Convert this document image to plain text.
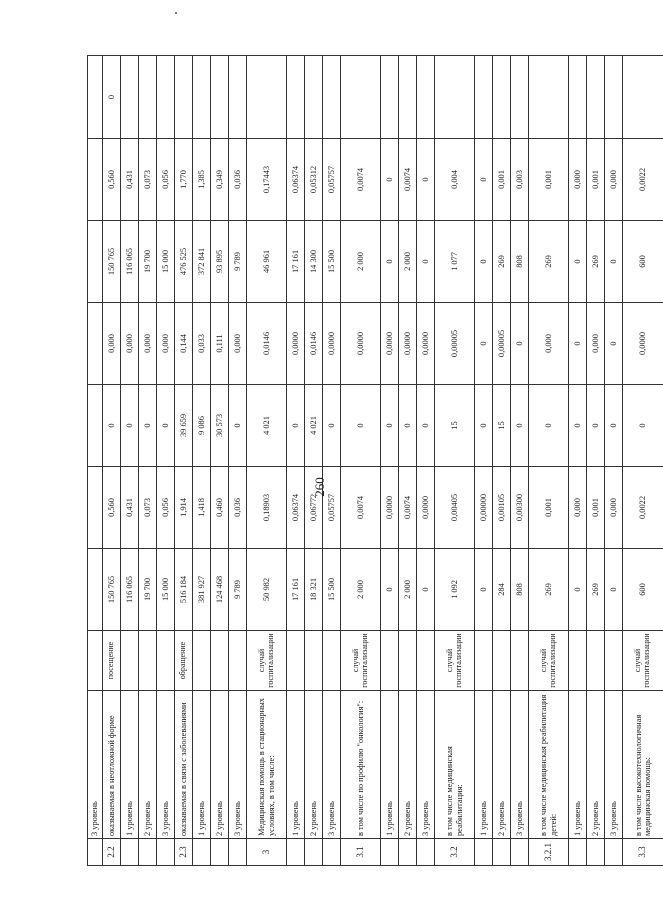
	3 уровень								
2.2	оказываемая в неотложной форме	посещение	150 765	0,560	0	0,000	150 765	0,560	0
	1 уровень		116 065	0,431	0	0,000	116 065	0,431	
	2 уровень		19 700	0,073	0	0,000	19 700	0,073	
	3 уровень		15 000	0,056	0	0,000	15 000	0,056	
2.3	оказываемая в связи с заболеваниями	обращение	516 184	1,914	39 659	0,144	476 525	1,770	
	1 уровень		381 927	1,418	9 086	0,033	372 841	1,385	
	2 уровень		124 468	0,460	30 573	0,111	93 895	0,349	
	3 уровень		9 789	0,036	0	0,000	9 789	0,036	
3	Медицинская помощь в стационарных условиях, в том числе:	случай госпитализации	50 982	0,18903	4 021	0,0146	46 961	0,17443	
	1 уровень		17 161	0,06374	0	0,0000	17 161	0,06374	
	2 уровень		18 321	0,06772	4 021	0,0146	14 300	0,05312	
	3 уровень		15 500	0,05757	0	0,0000	15 500	0,05757	
3.1	в том числе по профилю "онкология":	случай госпитализации	2 000	0,0074	0	0,0000	2 000	0,0074	
	1 уровень		0	0,0000	0	0,0000	0	0	
	2 уровень		2 000	0,0074	0	0,0000	2 000	0,0074	
	3 уровень		0	0,0000	0	0,0000	0	0	
3.2	в том числе медицинская реабилитация:	случай госпитализации	1 092	0,00405	15	0,00005	1 077	0,004	
	1 уровень		0	0,00000	0	0	0	0	
	2 уровень		284	0,00105	15	0,00005	269	0,001	
	3 уровень		808	0,00300	0	0	808	0,003	
3.2.1	в том числе медицинская реабилитация детей:	случай госпитализации	269	0,001	0	0,000	269	0,001	
	1 уровень		0	0,000	0	0	0	0,000	
	2 уровень		269	0,001	0	0,000	269	0,001	
	3 уровень		0	0,000	0	0	0	0,000	
3.3	в том числе высокотехнологичная медицинская помощь:	случай госпитализации	600	0,0022	0	0,0000	600	0,0022	
260
